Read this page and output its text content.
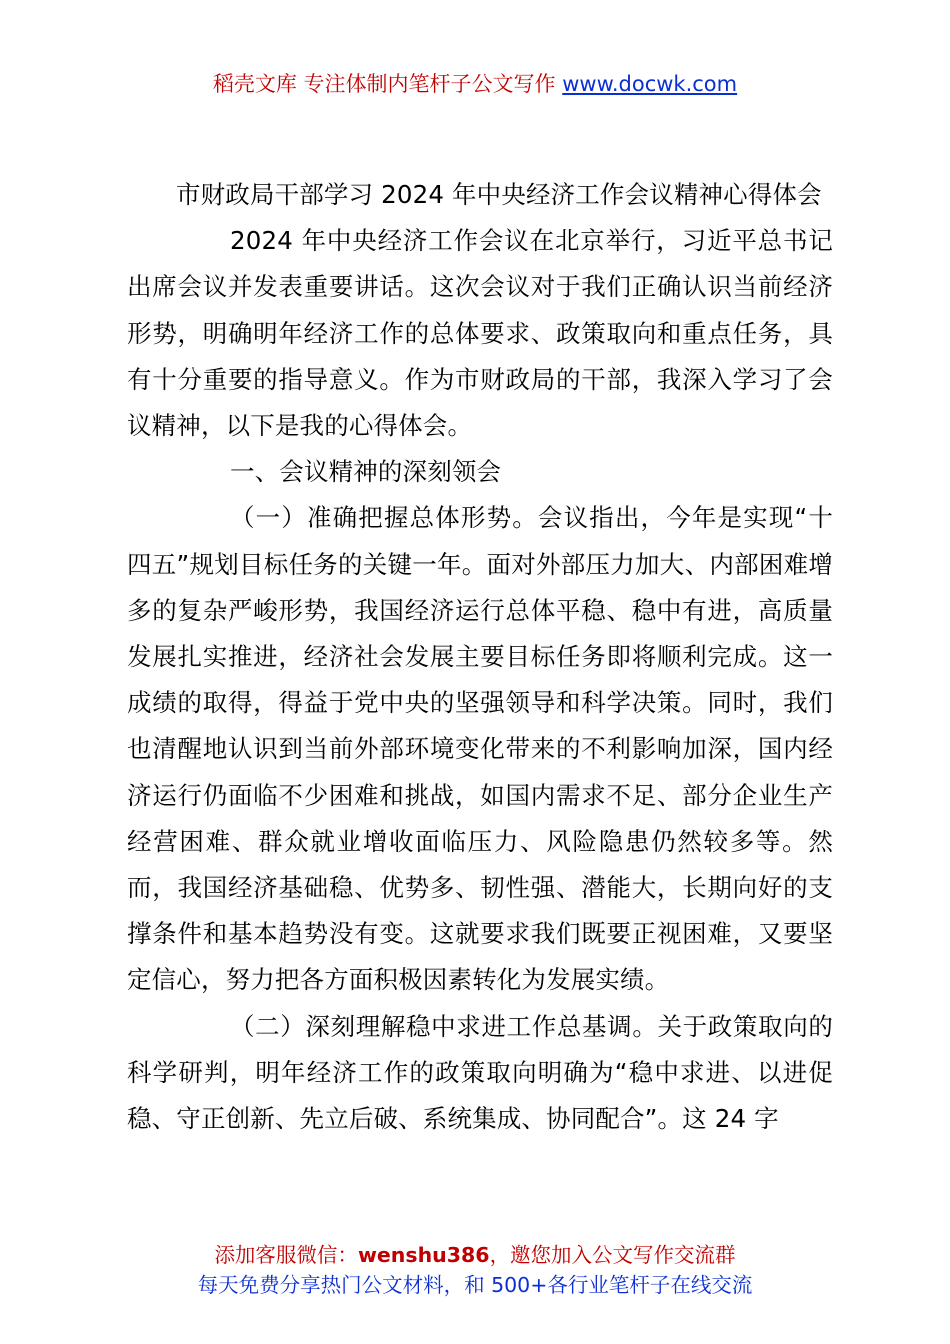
稻壳文库 专注体制内笔杆子公文写作 www.docwk.com

市财政局干部学习 2024 年中央经济工作会议精神心得体会

2024 年中央经济工作会议在北京举行，习近平总书记出席会议并发表重要讲话。这次会议对于我们正确认识当前经济形势，明确明年经济工作的总体要求、政策取向和重点任务，具有十分重要的指导意义。作为市财政局的干部，我深入学习了会议精神，以下是我的心得体会。

一、会议精神的深刻领会

（一）准确把握总体形势。会议指出，今年是实现“十四五”规划目标任务的关键一年。面对外部压力加大、内部困难增多的复杂严峻形势，我国经济运行总体平稳、稳中有进，高质量发展扎实推进，经济社会发展主要目标任务即将顺利完成。这一成绩的取得，得益于党中央的坚强领导和科学决策。同时，我们也清醒地认识到当前外部环境变化带来的不利影响加深，国内经济运行仍面临不少困难和挑战，如国内需求不足、部分企业生产经营困难、群众就业增收面临压力、风险隐患仍然较多等。然而，我国经济基础稳、优势多、韧性强、潜能大，长期向好的支撑条件和基本趋势没有变。这就要求我们既要正视困难，又要坚定信心，努力把各方面积极因素转化为发展实绩。

（二）深刻理解稳中求进工作总基调。关于政策取向的科学研判，明年经济工作的政策取向明确为“稳中求进、以进促稳、守正创新、先立后破、系统集成、协同配合”。这 24 字

添加客服微信：wenshu386，邀您加入公文写作交流群
每天免费分享热门公文材料，和 500+各行业笔杆子在线交流
